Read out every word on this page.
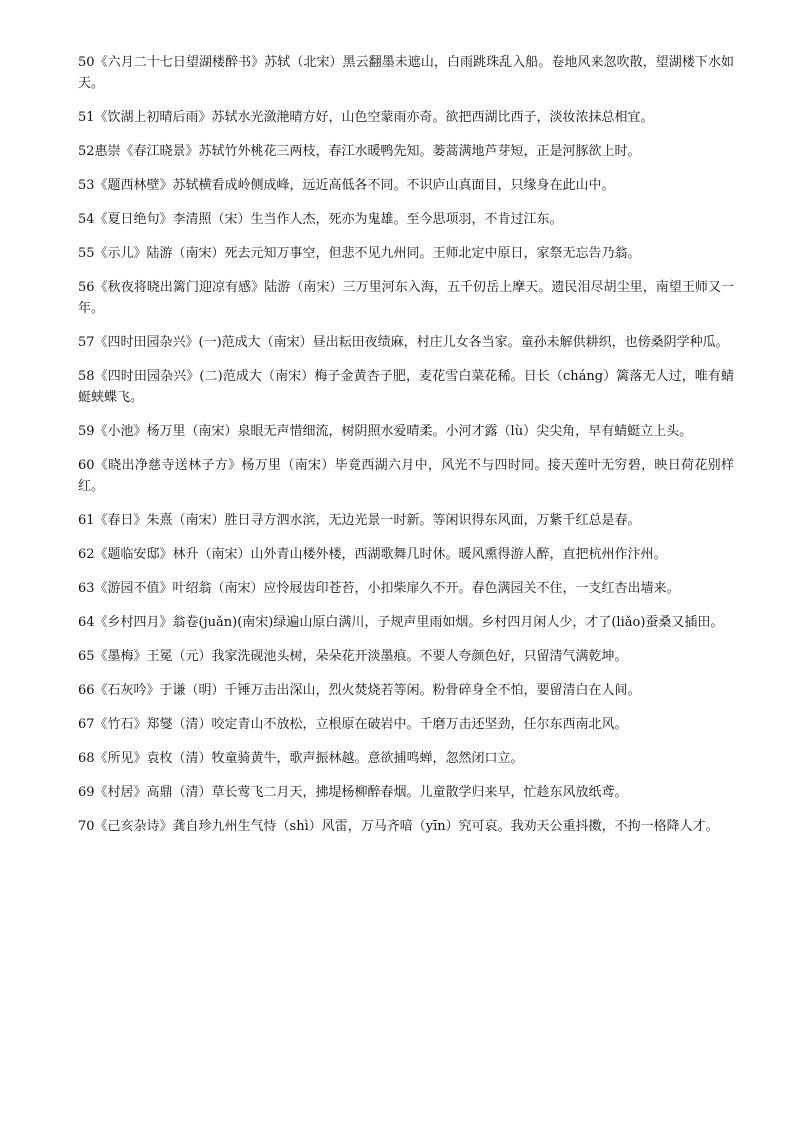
50《六月二十七日望湖楼醉书》苏轼（北宋）黑云翻墨未遮山，白雨跳珠乱入船。卷地风来忽吹散，望湖楼下水如天。

51《饮湖上初晴后雨》苏轼水光潋滟晴方好，山色空蒙雨亦奇。欲把西湖比西子，淡妆浓抹总相宜。

52惠崇《春江晓景》苏轼竹外桃花三两枝，春江水暖鸭先知。蒌蒿满地芦芽短，正是河豚欲上时。

53《题西林壁》苏轼横看成岭侧成峰，远近高低各不同。不识庐山真面目，只缘身在此山中。

54《夏日绝句》李清照（宋）生当作人杰，死亦为鬼雄。至今思项羽，不肯过江东。

55《示儿》陆游（南宋）死去元知万事空，但悲不见九州同。王师北定中原日，家祭无忘告乃翁。

56《秋夜将晓出篱门迎凉有感》陆游（南宋）三万里河东入海，五千仞岳上摩天。遗民泪尽胡尘里，南望王师又一年。

57《四时田园杂兴》(一)范成大（南宋）昼出耘田夜绩麻，村庄儿女各当家。童孙未解供耕织，也傍桑阴学种瓜。

58《四时田园杂兴》(二)范成大（南宋）梅子金黄杏子肥，麦花雪白菜花稀。日长（cháng）篱落无人过，唯有蜻蜓蛱蝶飞。

59《小池》杨万里（南宋）泉眼无声惜细流，树阴照水爱晴柔。小河才露（lù）尖尖角，早有蜻蜓立上头。

60《晓出净慈寺送林子方》杨万里（南宋）毕竟西湖六月中，风光不与四时同。接天莲叶无穷碧，映日荷花别样红。

61《春日》朱熹（南宋）胜日寻方泗水滨，无边光景一时新。等闲识得东风面，万紫千红总是春。

62《题临安邸》林升（南宋）山外青山楼外楼，西湖歌舞几时休。暖风熏得游人醉，直把杭州作汴州。

63《游园不值》叶绍翁（南宋）应怜屐齿印苍苔，小扣柴扉久不开。春色满园关不住，一支红杏出墙来。

64《乡村四月》翁卷(juǎn)(南宋)绿遍山原白满川，子规声里雨如烟。乡村四月闲人少，才了(liǎo)蚕桑又插田。

65《墨梅》王冕（元）我家洗砚池头树，朵朵花开淡墨痕。不要人夸颜色好，只留清气满乾坤。

66《石灰吟》于谦（明）千锤万击出深山，烈火焚烧若等闲。粉骨碎身全不怕，要留清白在人间。

67《竹石》郑燮（清）咬定青山不放松，立根原在破岩中。千磨万击还坚劲，任尔东西南北风。

68《所见》袁枚（清）牧童骑黄牛，歌声振林越。意欲捕鸣蝉，忽然闭口立。

69《村居》高鼎（清）草长莺飞二月天，拂堤杨柳醉春烟。儿童散学归来早，忙趁东风放纸鸢。

70《己亥杂诗》龚自珍九州生气恃（shì）风雷，万马齐喑（yīn）究可哀。我劝天公重抖擞，不拘一格降人才。
